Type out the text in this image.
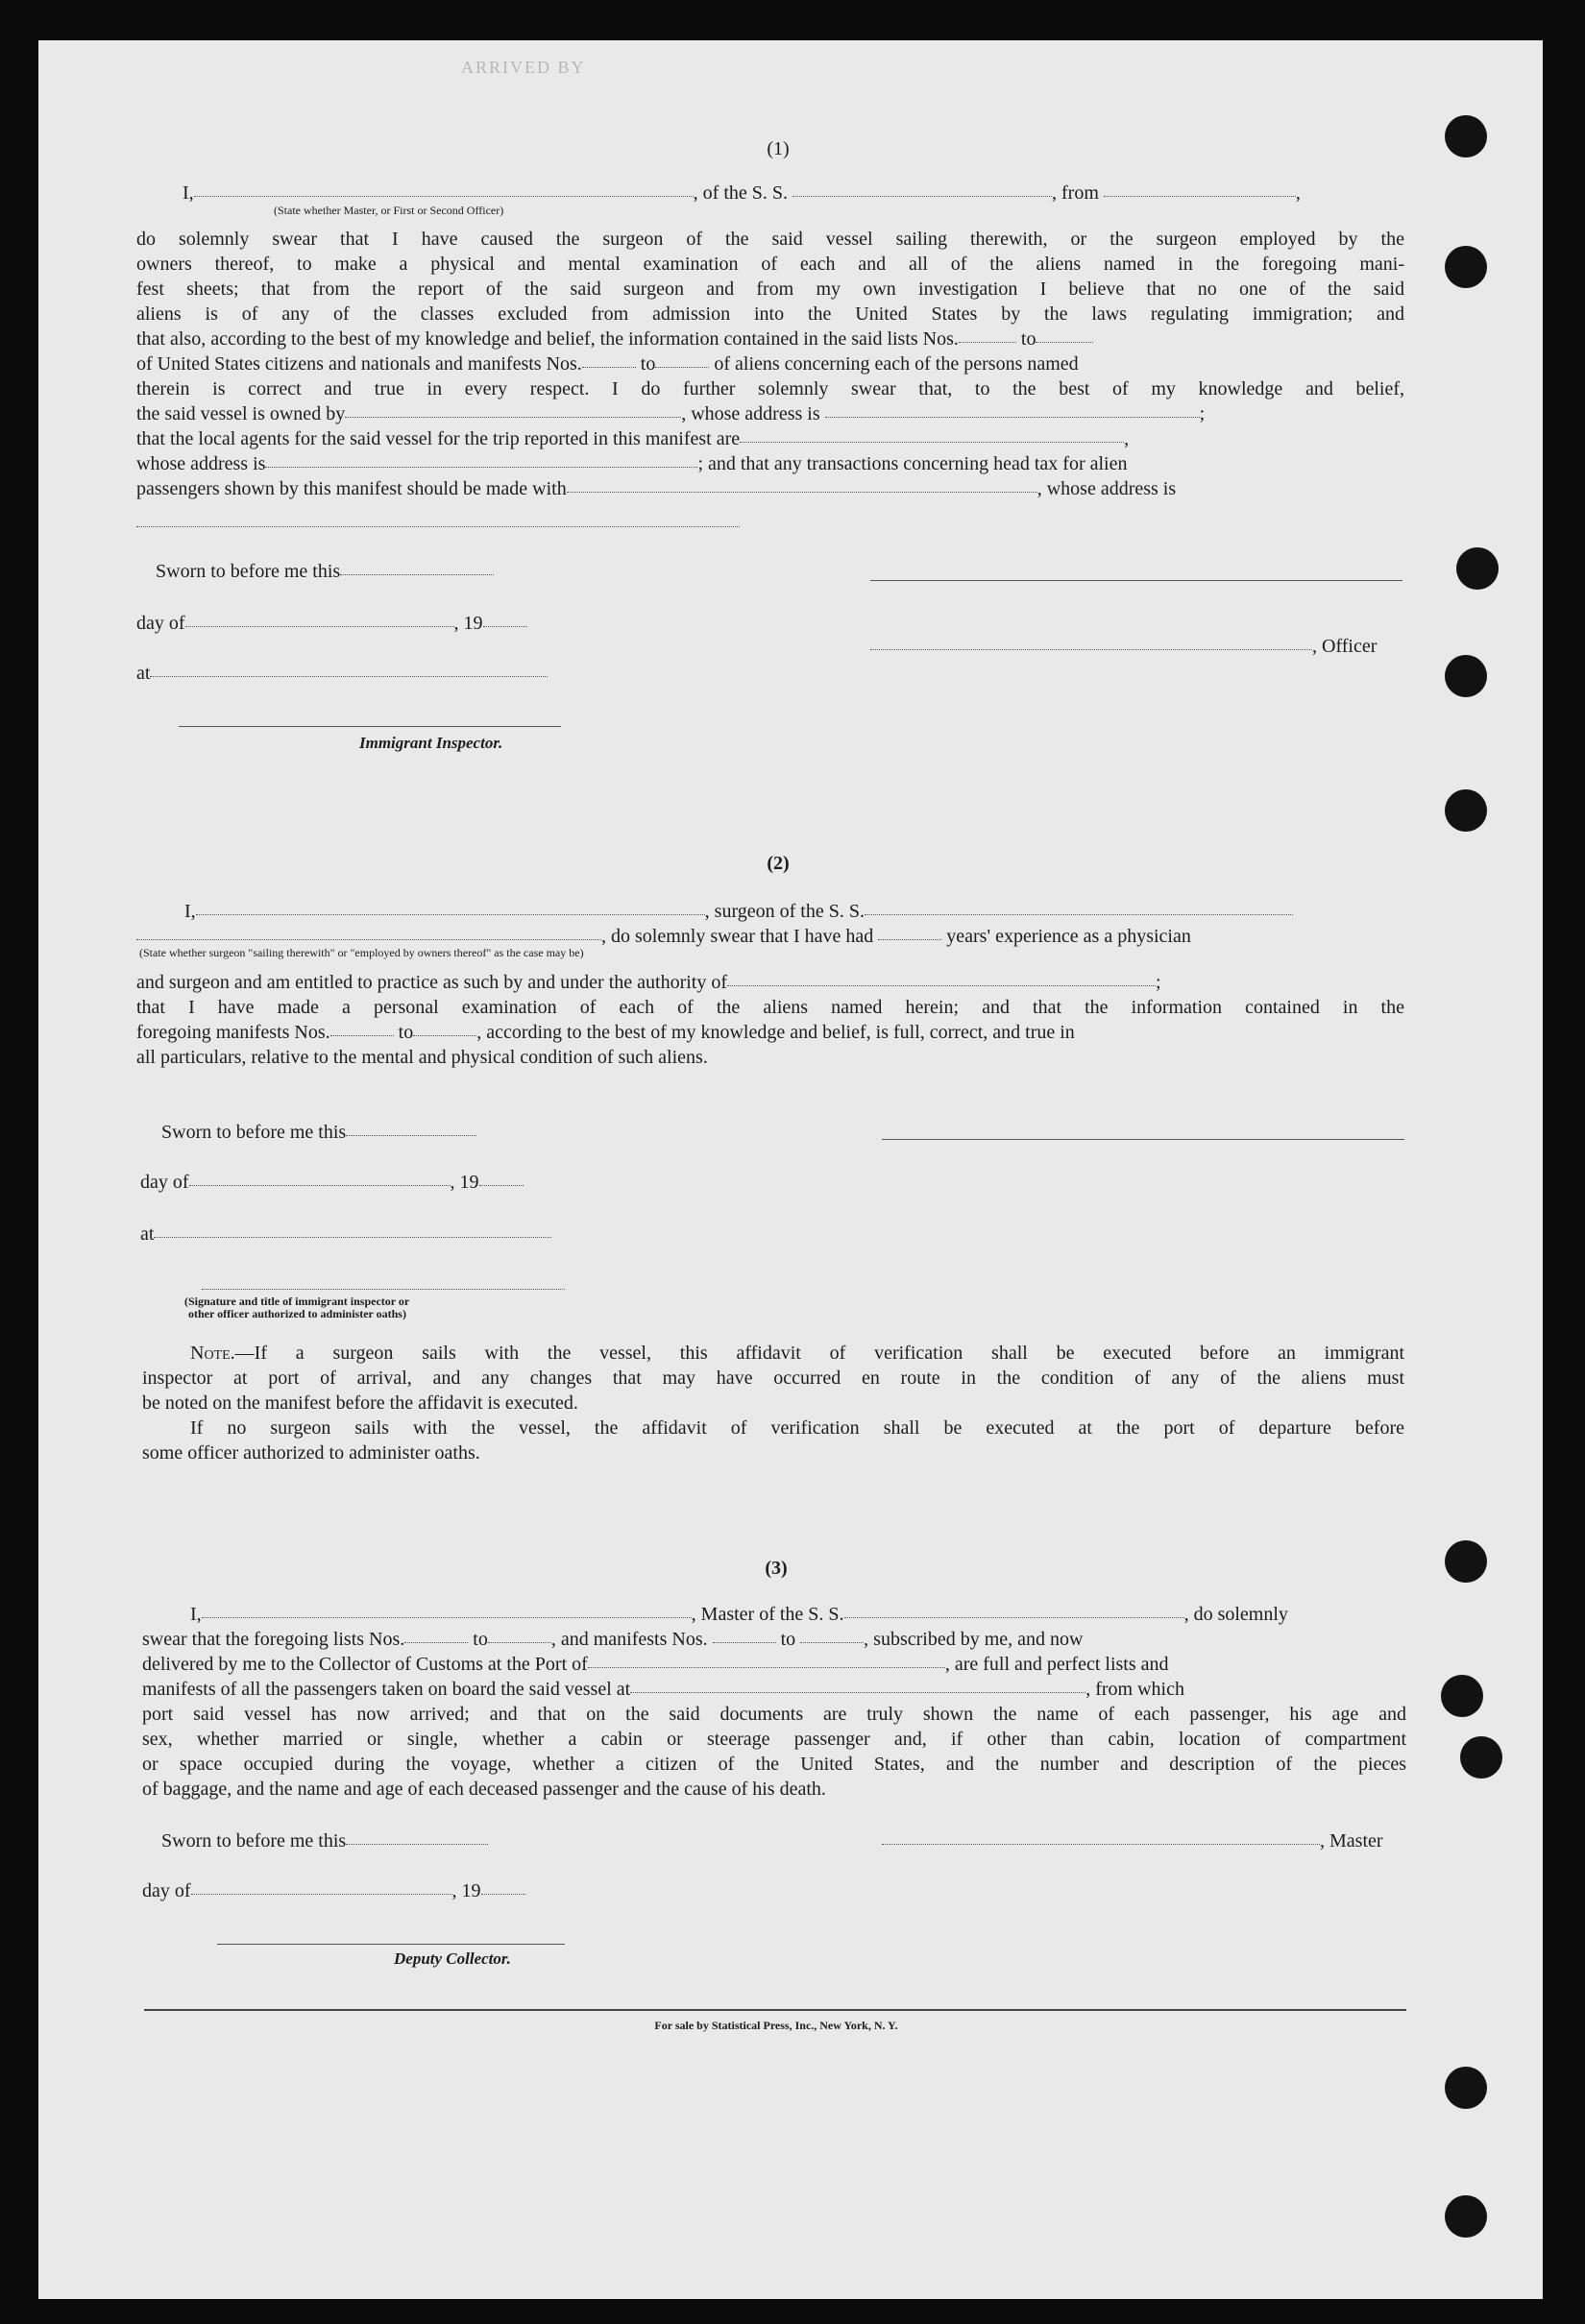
ARRIVED BY
(1)
I,	, of the S. S.	, from	,
(State whether Master, or First or Second Officer)
do solemnly swear that I have caused the surgeon of the said vessel sailing therewith, or the surgeon employed by the
owners thereof, to make a physical and mental examination of each and all of the aliens named in the foregoing mani-
fest sheets; that from the report of the said surgeon and from my own investigation I believe that no one of the said
aliens is of any of the classes excluded from admission into the United States by the laws regulating immigration; and
that also, according to the best of my knowledge and belief, the information contained in the said lists Nos.	to
of United States citizens and nationals and manifests Nos.	to	of aliens concerning each of the persons named
therein is correct and true in every respect. I do further solemnly swear that, to the best of my knowledge and belief,
the said vessel is owned by	, whose address is	;
that the local agents for the said vessel for the trip reported in this manifest are	,
whose address is	; and that any transactions concerning head tax for alien
passengers shown by this manifest should be made with	, whose address is
Sworn to before me this
day of	, 19
, Officer
at
Immigrant Inspector.
(2)
I,	, surgeon of the S. S.
, do solemnly swear that I have had	years' experience as a physician
(State whether surgeon "sailing therewith" or "employed by owners thereof" as the case may be)
and surgeon and am entitled to practice as such by and under the authority of	;
that I have made a personal examination of each of the aliens named herein; and that the information contained in the
foregoing manifests Nos.	to	, according to the best of my knowledge and belief, is full, correct, and true in
all particulars, relative to the mental and physical condition of such aliens.
Sworn to before me this
day of	, 19
at
(Signature and title of immigrant inspector or
other officer authorized to administer oaths)
Note.—If a surgeon sails with the vessel, this affidavit of verification shall be executed before an immigrant
inspector at port of arrival, and any changes that may have occurred en route in the condition of any of the aliens must
be noted on the manifest before the affidavit is executed.
If no surgeon sails with the vessel, the affidavit of verification shall be executed at the port of departure before
some officer authorized to administer oaths.
(3)
I,	, Master of the S. S.	, do solemnly
swear that the foregoing lists Nos.	to	, and manifests Nos.	to	, subscribed by me, and now
delivered by me to the Collector of Customs at the Port of	, are full and perfect lists and
manifests of all the passengers taken on board the said vessel at	, from which
port said vessel has now arrived; and that on the said documents are truly shown the name of each passenger, his age and
sex, whether married or single, whether a cabin or steerage passenger and, if other than cabin, location of compartment
or space occupied during the voyage, whether a citizen of the United States, and the number and description of the pieces
of baggage, and the name and age of each deceased passenger and the cause of his death.
Sworn to before me this	, Master
day of	, 19
Deputy Collector.
For sale by Statistical Press, Inc., New York, N. Y.
